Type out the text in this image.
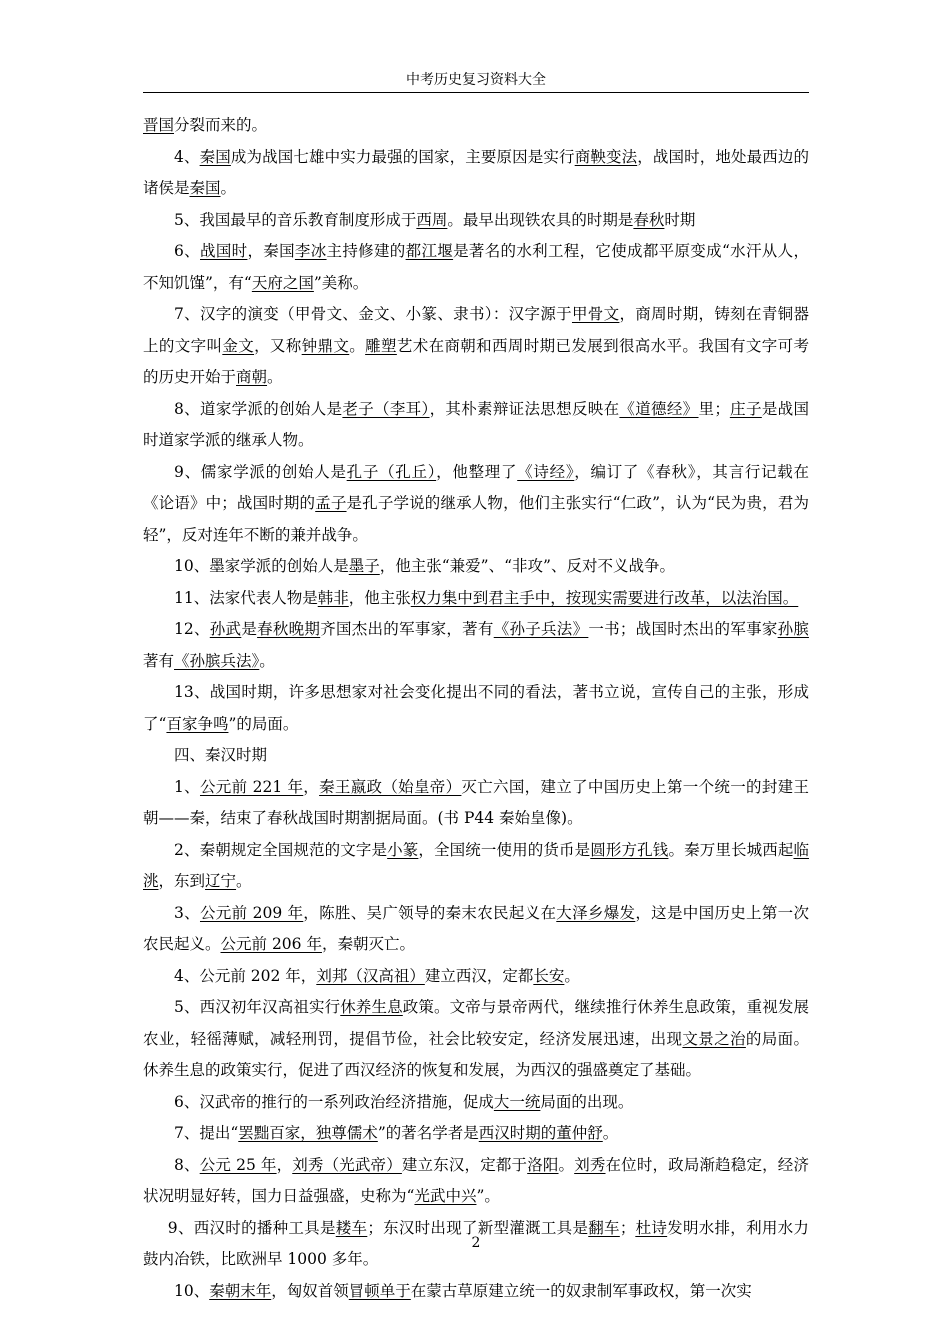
中考历史复习资料大全

晋国分裂而来的。

4、秦国成为战国七雄中实力最强的国家，主要原因是实行商鞅变法，战国时，地处最西边的诸侯是秦国。

5、我国最早的音乐教育制度形成于西周。最早出现铁农具的时期是春秋时期

6、战国时，秦国李冰主持修建的都江堰是著名的水利工程，它使成都平原变成“水汗从人，不知饥馑”，有“天府之国”美称。

7、汉字的演变（甲骨文、金文、小篆、隶书）：汉字源于甲骨文，商周时期，铸刻在青铜器上的文字叫金文，又称钟鼎文。雕塑艺术在商朝和西周时期已发展到很高水平。我国有文字可考的历史开始于商朝。

8、道家学派的创始人是老子（李耳），其朴素辩证法思想反映在《道德经》里；庄子是战国时道家学派的继承人物。

9、儒家学派的创始人是孔子（孔丘），他整理了《诗经》，编订了《春秋》，其言行记载在《论语》中；战国时期的孟子是孔子学说的继承人物，他们主张实行“仁政”，认为“民为贵，君为轻”，反对连年不断的兼并战争。

10、墨家学派的创始人是墨子，他主张“兼爱”、“非攻”、反对不义战争。

11、法家代表人物是韩非，他主张权力集中到君主手中，按现实需要进行改革，以法治国。

12、孙武是春秋晚期齐国杰出的军事家，著有《孙子兵法》一书；战国时杰出的军事家孙膑著有《孙膑兵法》。

13、战国时期，许多思想家对社会变化提出不同的看法，著书立说，宣传自己的主张，形成了“百家争鸣”的局面。

四、秦汉时期

1、公元前 221 年，秦王嬴政（始皇帝）灭亡六国，建立了中国历史上第一个统一的封建王朝——秦，结束了春秋战国时期割据局面。(书 P44 秦始皇像)。

2、秦朝规定全国规范的文字是小篆，全国统一使用的货币是圆形方孔钱。秦万里长城西起临洮，东到辽宁。

3、公元前 209 年，陈胜、吴广领导的秦末农民起义在大泽乡爆发，这是中国历史上第一次农民起义。公元前 206 年，秦朝灭亡。

4、公元前 202 年，刘邦（汉高祖）建立西汉，定都长安。

5、西汉初年汉高祖实行休养生息政策。文帝与景帝两代，继续推行休养生息政策，重视发展农业，轻徭薄赋，减轻刑罚，提倡节俭，社会比较安定，经济发展迅速，出现文景之治的局面。休养生息的政策实行，促进了西汉经济的恢复和发展，为西汉的强盛奠定了基础。

6、汉武帝的推行的一系列政治经济措施，促成大一统局面的出现。

7、提出“罢黜百家，独尊儒术”的著名学者是西汉时期的董仲舒。

8、公元 25 年，刘秀（光武帝）建立东汉，定都于洛阳。刘秀在位时，政局渐趋稳定，经济状况明显好转，国力日益强盛，史称为“光武中兴”。

9、西汉时的播种工具是耧车；东汉时出现了新型灌溉工具是翻车；杜诗发明水排，利用水力鼓内冶铁，比欧洲早 1000 多年。

10、秦朝末年，匈奴首领冒顿单于在蒙古草原建立统一的奴隶制军事政权，第一次实

2
